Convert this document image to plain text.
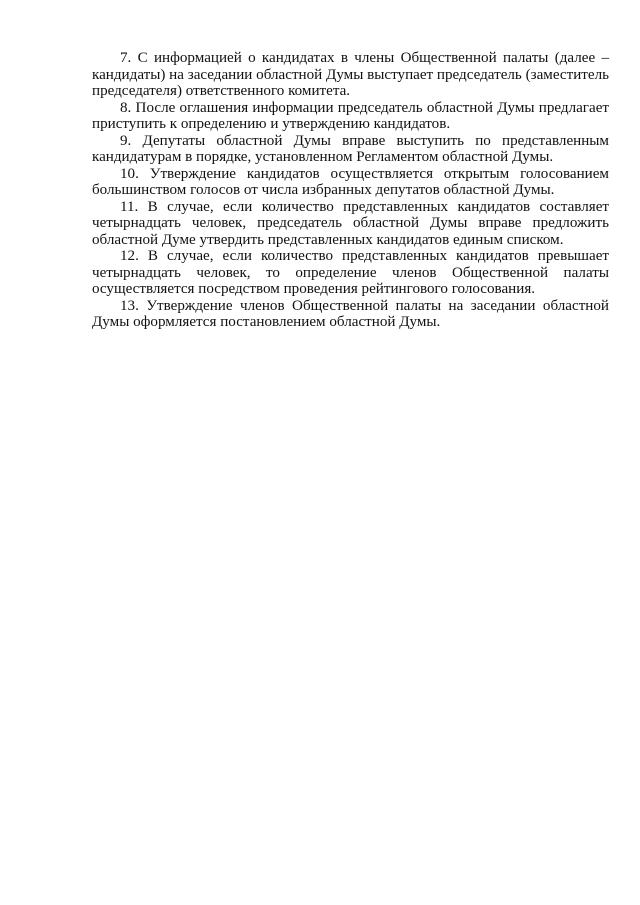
7. С информацией о кандидатах в члены Общественной палаты (далее – кандидаты) на заседании областной Думы выступает председатель (заместитель председателя) ответственного комитета.

8. После оглашения информации председатель областной Думы предлагает приступить к определению и утверждению кандидатов.

9. Депутаты областной Думы вправе выступить по представленным кандидатурам в порядке, установленном Регламентом областной Думы.

10. Утверждение кандидатов осуществляется открытым голосованием большинством голосов от числа избранных депутатов областной Думы.

11. В случае, если количество представленных кандидатов составляет четырнадцать человек, председатель областной Думы вправе предложить областной Думе утвердить представленных кандидатов единым списком.

12. В случае, если количество представленных кандидатов превышает четырнадцать человек, то определение членов Общественной палаты осуществляется посредством проведения рейтингового голосования.

13. Утверждение членов Общественной палаты на заседании областной Думы оформляется постановлением областной Думы.
